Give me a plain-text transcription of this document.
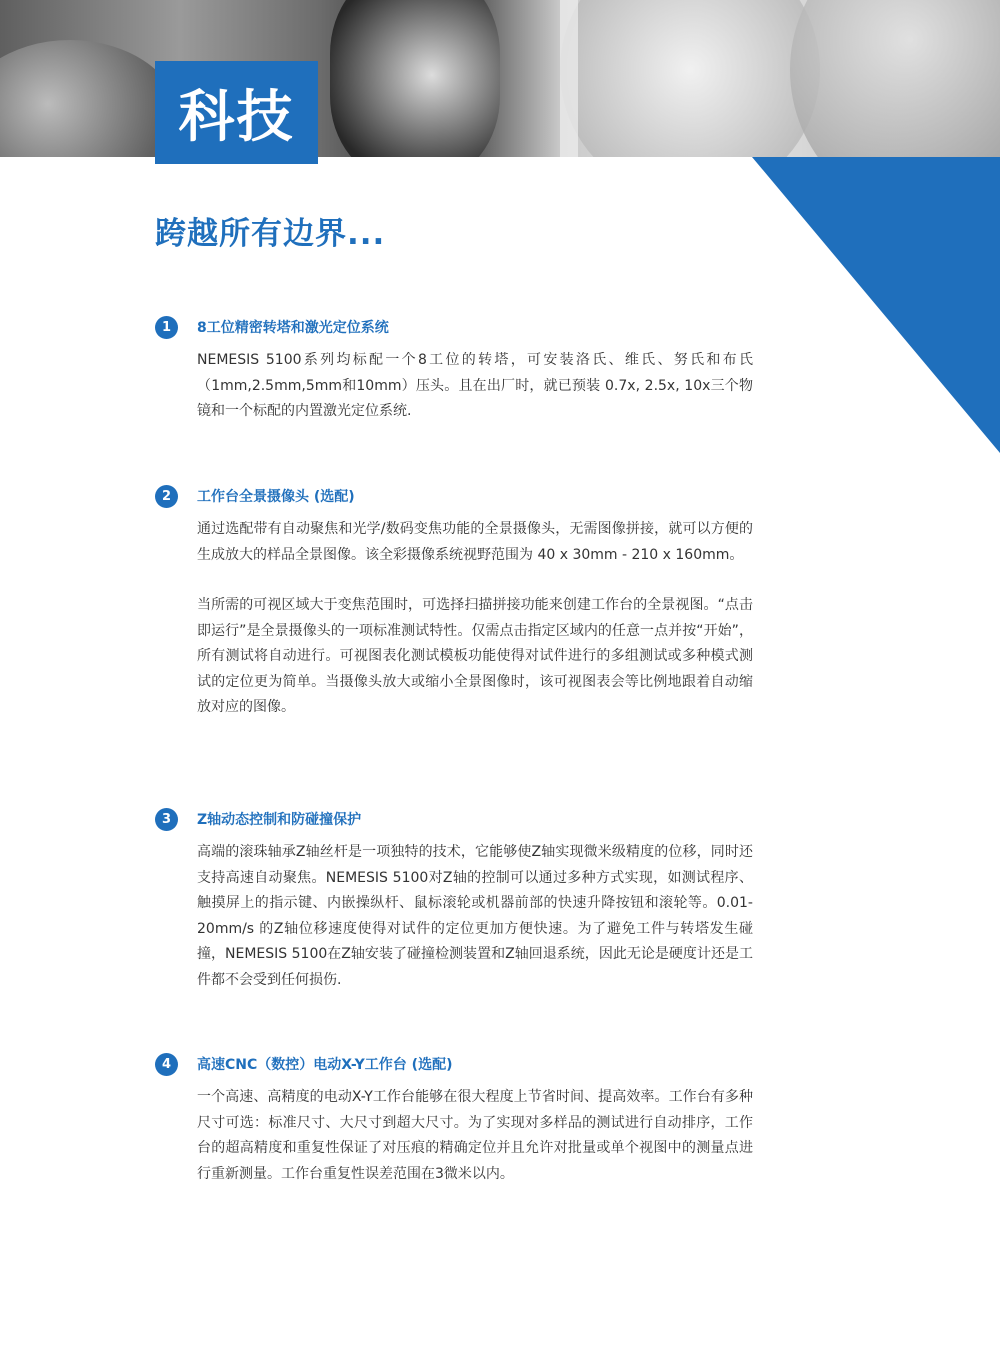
科技
跨越所有边界...
1	8工位精密转塔和激光定位系统

NEMESIS 5100系列均标配一个8工位的转塔，可安装洛氏、维氏、努氏和布氏（1mm,2.5mm,5mm和10mm）压头。且在出厂时，就已预装 0.7x, 2.5x, 10x三个物镜和一个标配的内置激光定位系统.

2	工作台全景摄像头 (选配)

通过选配带有自动聚焦和光学/数码变焦功能的全景摄像头，无需图像拼接，就可以方便的生成放大的样品全景图像。该全彩摄像系统视野范围为 40 x 30mm - 210 x 160mm。

当所需的可视区域大于变焦范围时，可选择扫描拼接功能来创建工作台的全景视图。“点击即运行”是全景摄像头的一项标准测试特性。仅需点击指定区域内的任意一点并按“开始”，所有测试将自动进行。可视图表化测试模板功能使得对试件进行的多组测试或多种模式测试的定位更为简单。当摄像头放大或缩小全景图像时，该可视图表会等比例地跟着自动缩放对应的图像。

3	Z轴动态控制和防碰撞保护

高端的滚珠轴承Z轴丝杆是一项独特的技术，它能够使Z轴实现微米级精度的位移，同时还支持高速自动聚焦。NEMESIS 5100对Z轴的控制可以通过多种方式实现，如测试程序、触摸屏上的指示键、内嵌操纵杆、鼠标滚轮或机器前部的快速升降按钮和滚轮等。0.01-20mm/s 的Z轴位移速度使得对试件的定位更加方便快速。为了避免工件与转塔发生碰撞，NEMESIS 5100在Z轴安装了碰撞检测装置和Z轴回退系统，因此无论是硬度计还是工件都不会受到任何损伤.

4	高速CNC（数控）电动X-Y工作台 (选配)

一个高速、高精度的电动X-Y工作台能够在很大程度上节省时间、提高效率。工作台有多种尺寸可选：标准尺寸、大尺寸到超大尺寸。为了实现对多样品的测试进行自动排序，工作台的超高精度和重复性保证了对压痕的精确定位并且允许对批量或单个视图中的测量点进行重新测量。工作台重复性误差范围在3微米以内。
